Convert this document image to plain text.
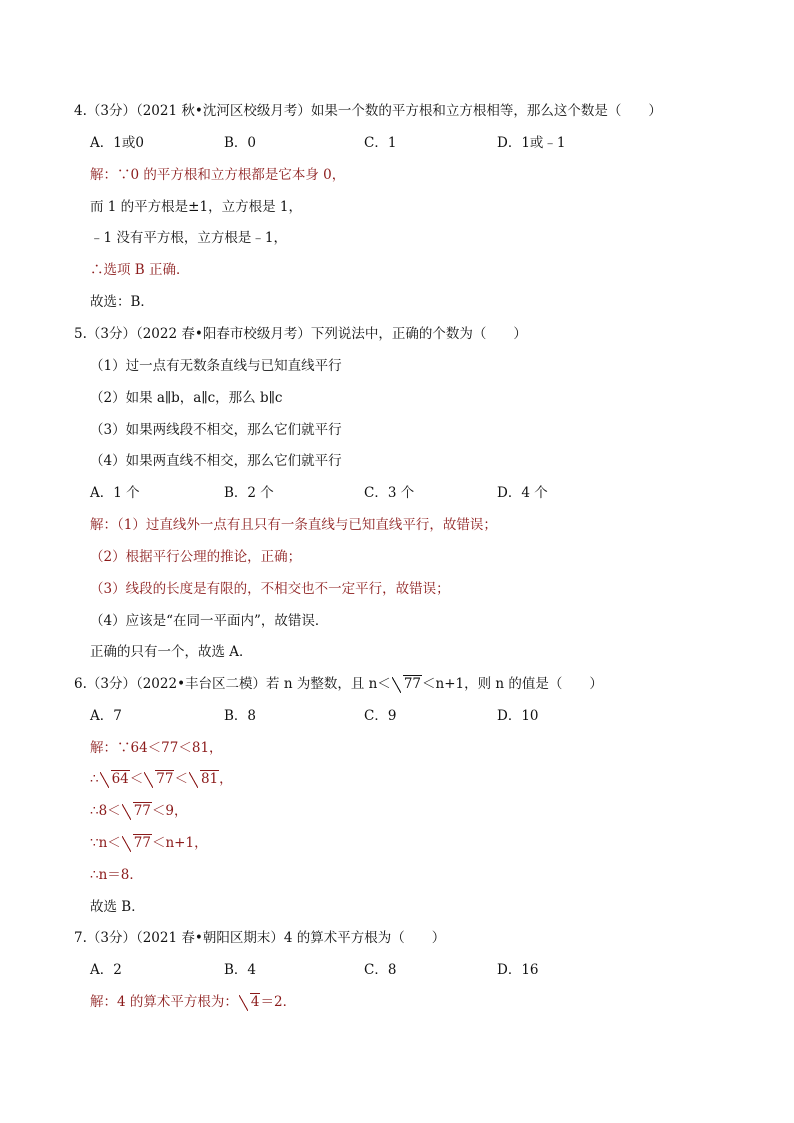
4.（3分）（2021 秋•沈河区校级月考）如果一个数的平方根和立方根相等，那么这个数是（　　）
A．1或0	B．0	C．1	D．1或﹣1
解：∵0 的平方根和立方根都是它本身 0，
而 1 的平方根是±1，立方根是 1，
﹣1 没有平方根，立方根是﹣1，
∴选项 B 正确．
故选：B．
5.（3分）（2022 春•阳春市校级月考）下列说法中，正确的个数为（　　）
（1）过一点有无数条直线与已知直线平行
（2）如果 a∥b，a∥c，那么 b∥c
（3）如果两线段不相交，那么它们就平行
（4）如果两直线不相交，那么它们就平行
A．1 个	B．2 个	C．3 个	D．4 个
解：（1）过直线外一点有且只有一条直线与已知直线平行，故错误；
（2）根据平行公理的推论，正确；
（3）线段的长度是有限的，不相交也不一定平行，故错误；
（4）应该是“在同一平面内”，故错误．
正确的只有一个，故选 A．
6.（3分）（2022•丰台区二模）若 n 为整数，且 n＜ 77＜n+1，则 n 的值是（　　）
A．7	B．8	C．9	D．10
解：∵64＜77＜81，
∴ 64＜ 77＜ 81，
∴8＜ 77＜9，
∵n＜ 77＜n+1，
∴n＝8．
故选 B．
7.（3分）（2021 春•朝阳区期末）4 的算术平方根为（　　）
A．2	B．4	C．8	D．16
解：4 的算术平方根为： 4＝2．
